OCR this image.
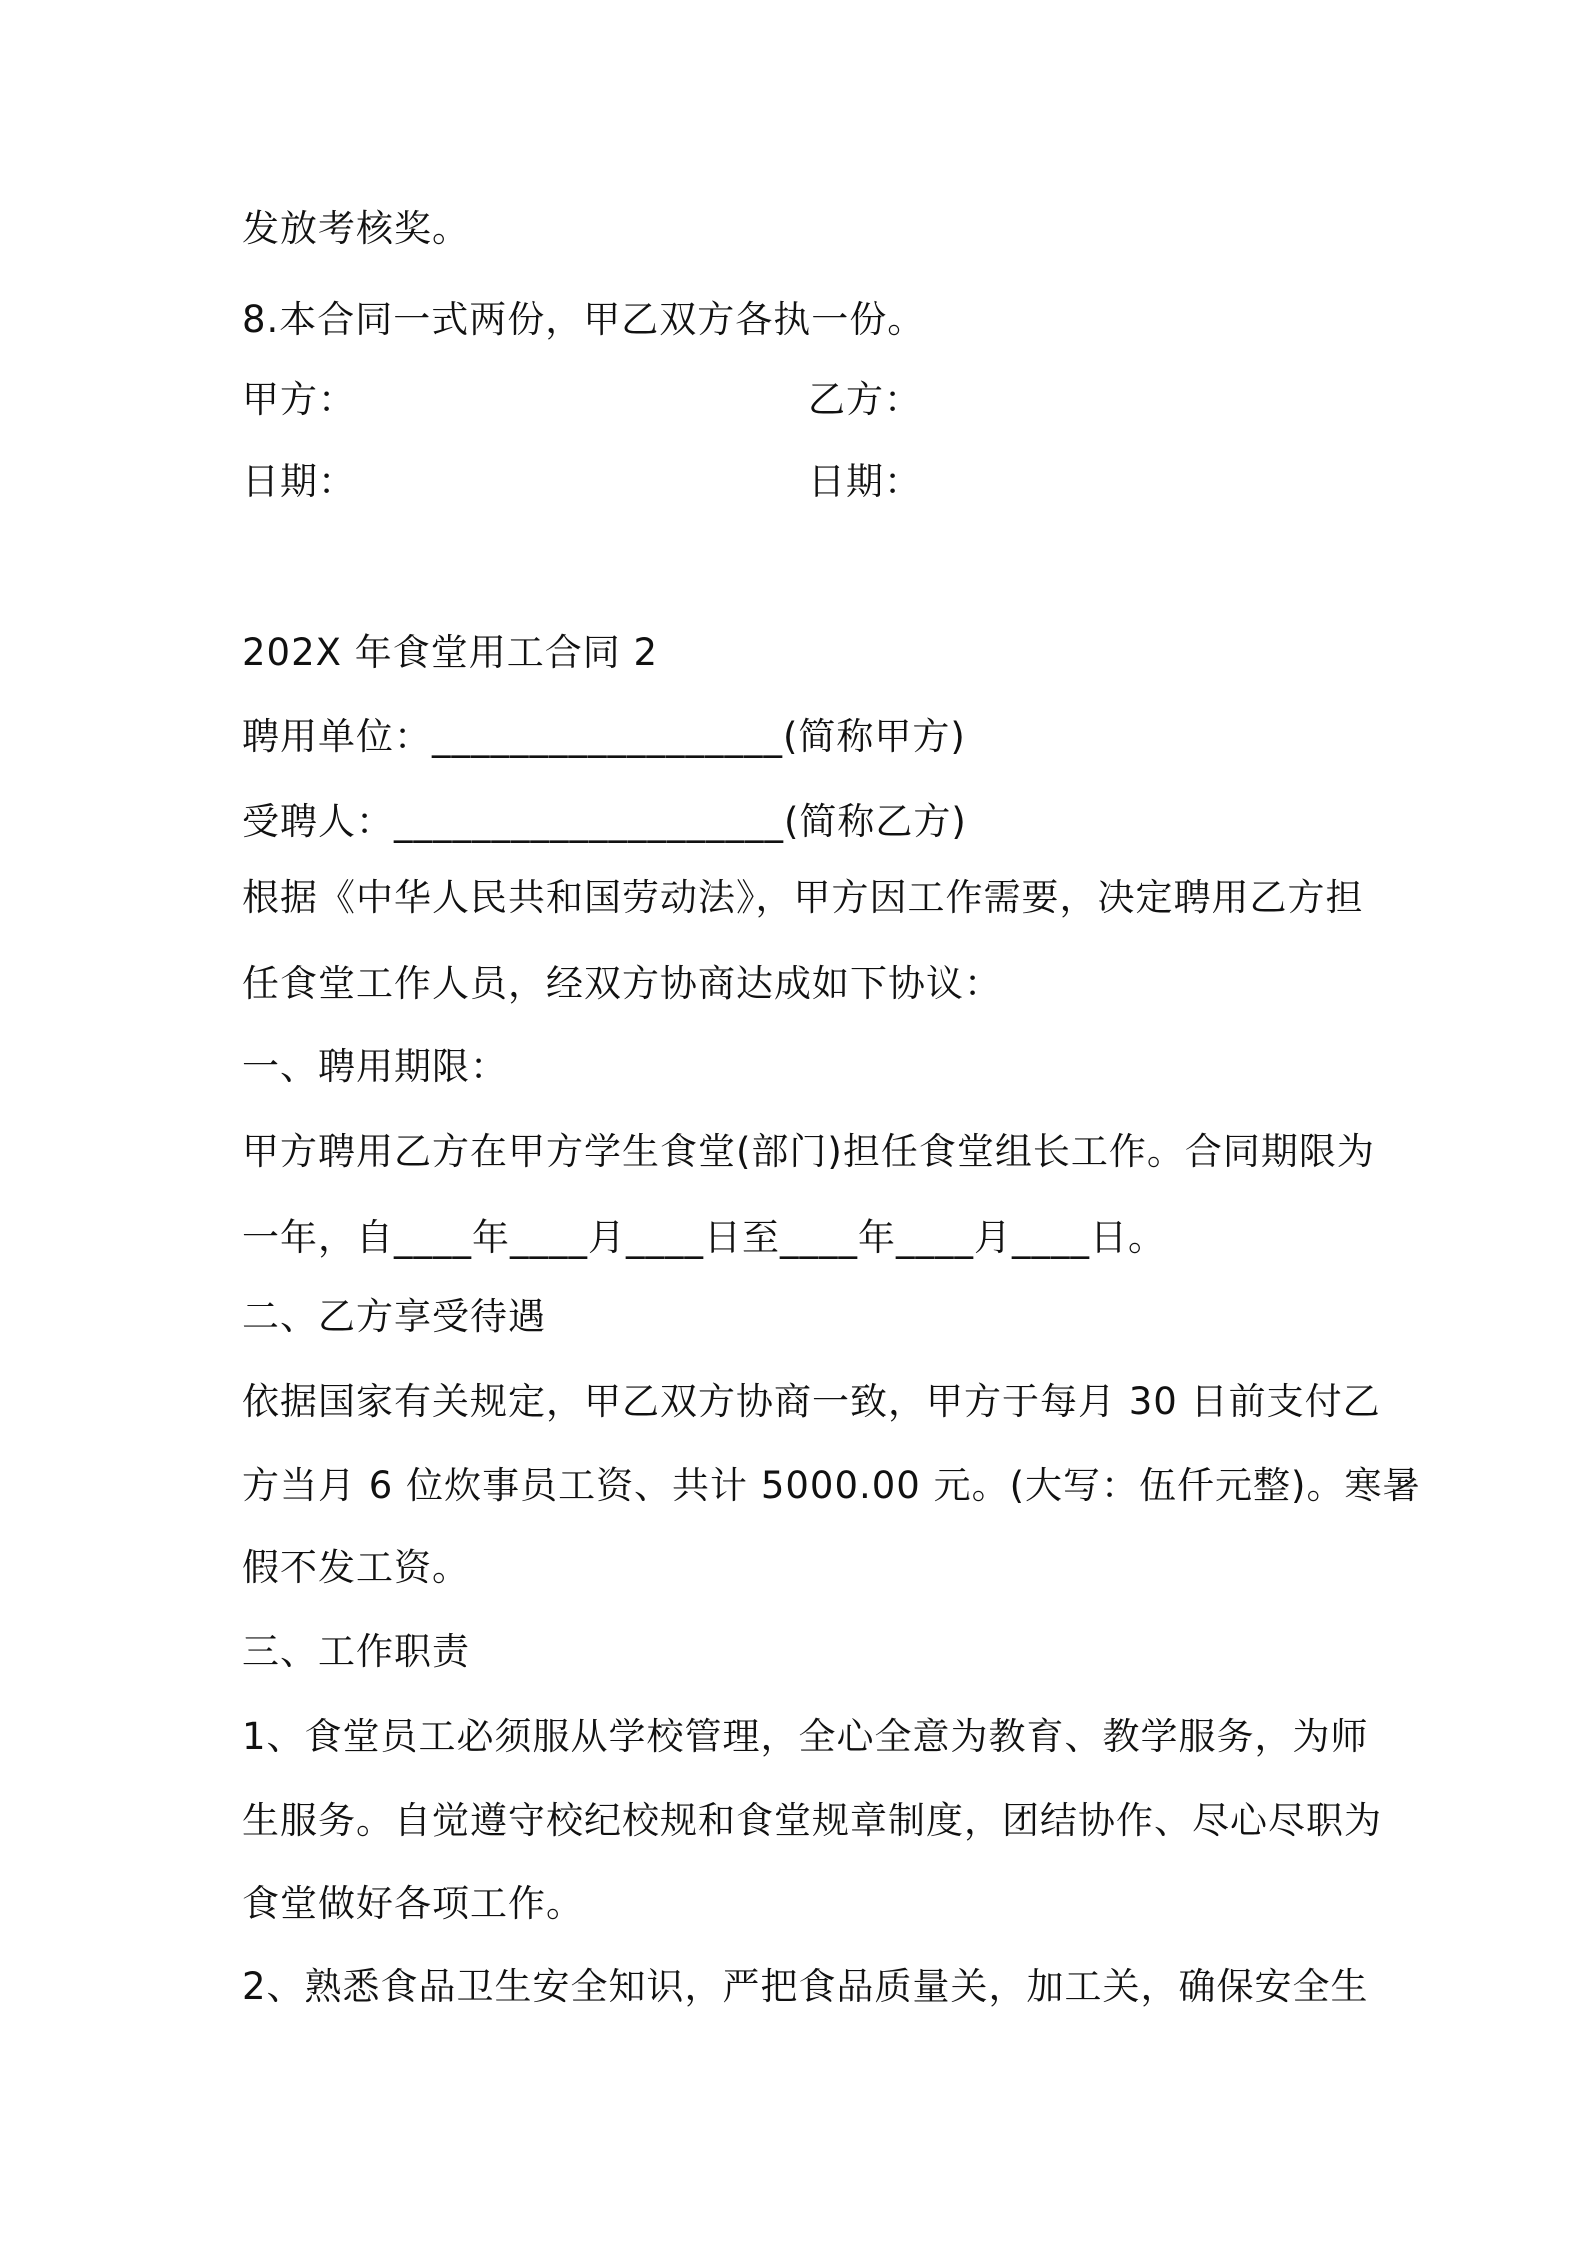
发放考核奖。
8.本合同一式两份，甲乙双方各执一份。
甲方：	乙方：
日期：	日期：
202X 年食堂用工合同 2
聘用单位：__________________(简称甲方)
受聘人：____________________(简称乙方)
根据《中华人民共和国劳动法》，甲方因工作需要，决定聘用乙方担
任食堂工作人员，经双方协商达成如下协议：
一、聘用期限：
甲方聘用乙方在甲方学生食堂(部门)担任食堂组长工作。合同期限为
一年，自____年____月____日至____年____月____日。
二、乙方享受待遇
依据国家有关规定，甲乙双方协商一致，甲方于每月 30 日前支付乙
方当月 6 位炊事员工资、共计 5000.00 元。(大写：伍仟元整)。寒暑
假不发工资。
三、工作职责
1、食堂员工必须服从学校管理，全心全意为教育、教学服务，为师
生服务。自觉遵守校纪校规和食堂规章制度，团结协作、尽心尽职为
食堂做好各项工作。
2、熟悉食品卫生安全知识，严把食品质量关，加工关，确保安全生
